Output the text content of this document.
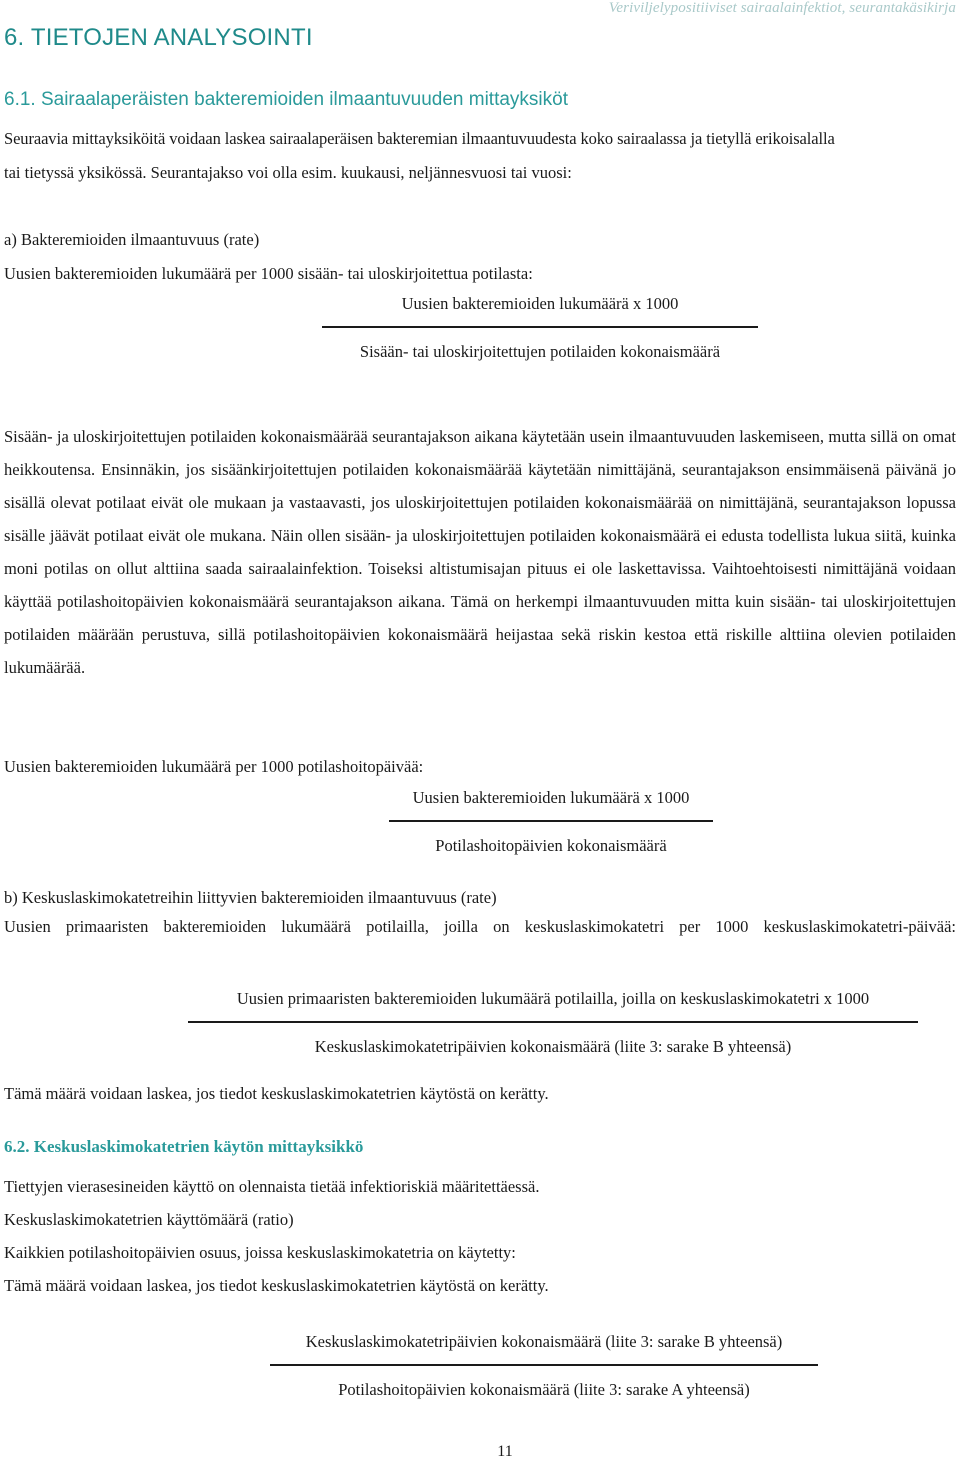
Veriviljelypositiiviset sairaalainfektiot, seurantakäsikirja
6. TIETOJEN ANALYSOINTI
6.1. Sairaalaperäisten bakteremioiden ilmaantuvuuden mittayksiköt
Seuraavia mittayksiköitä voidaan laskea sairaalaperäisen bakteremian ilmaantuvuudesta koko sairaalassa ja tietyllä erikoisalalla
tai tietyssä yksikössä. Seurantajakso voi olla esim. kuukausi, neljännesvuosi tai vuosi:
a) Bakteremioiden ilmaantuvuus (rate)
Uusien bakteremioiden lukumäärä per 1000 sisään- tai uloskirjoitettua potilasta:
Uusien bakteremioiden lukumäärä x 1000
Sisään- tai uloskirjoitettujen potilaiden kokonaismäärä
Sisään- ja uloskirjoitettujen potilaiden kokonaismäärää seurantajakson aikana käytetään usein ilmaantuvuuden laskemiseen, mutta sillä on omat heikkoutensa. Ensinnäkin, jos sisäänkirjoitettujen potilaiden kokonaismäärää käytetään nimittäjänä, seurantajakson ensimmäisenä päivänä jo sisällä olevat potilaat eivät ole mukaan ja vastaavasti, jos uloskirjoitettujen potilaiden kokonaismäärää on nimittäjänä, seurantajakson lopussa sisälle jäävät potilaat eivät ole mukana. Näin ollen sisään- ja uloskirjoitettujen potilaiden kokonaismäärä ei edusta todellista lukua siitä, kuinka moni potilas on ollut alttiina saada sairaalainfektion. Toiseksi altistumisajan pituus ei ole laskettavissa. Vaihtoehtoisesti nimittäjänä voidaan käyttää potilashoitopäivien kokonaismäärä seurantajakson aikana. Tämä on herkempi ilmaantuvuuden mitta kuin sisään- tai uloskirjoitettujen potilaiden määrään perustuva, sillä potilashoitopäivien kokonaismäärä heijastaa sekä riskin kestoa että riskille alttiina olevien potilaiden lukumäärää.
Uusien bakteremioiden lukumäärä per 1000 potilashoitopäivää:
Uusien bakteremioiden lukumäärä x 1000
Potilashoitopäivien kokonaismäärä
b) Keskuslaskimokatetreihin liittyvien bakteremioiden ilmaantuvuus (rate)
Uusien primaaristen bakteremioiden lukumäärä potilailla, joilla on keskuslaskimokatetri per 1000 keskuslaskimokatetri-päivää:
Uusien primaaristen bakteremioiden lukumäärä potilailla, joilla on keskuslaskimokatetri x 1000
Keskuslaskimokatetripäivien kokonaismäärä (liite 3: sarake B yhteensä)
Tämä määrä voidaan laskea, jos tiedot keskuslaskimokatetrien käytöstä on kerätty.
6.2. Keskuslaskimokatetrien käytön mittayksikkö
Tiettyjen vierasesineiden käyttö on olennaista tietää infektioriskiä määritettäessä.
Keskuslaskimokatetrien käyttömäärä (ratio)
Kaikkien potilashoitopäivien osuus, joissa keskuslaskimokatetria on käytetty:
Tämä määrä voidaan laskea, jos tiedot keskuslaskimokatetrien käytöstä on kerätty.
Keskuslaskimokatetripäivien kokonaismäärä (liite 3: sarake B yhteensä)
Potilashoitopäivien kokonaismäärä (liite 3: sarake A yhteensä)
11
